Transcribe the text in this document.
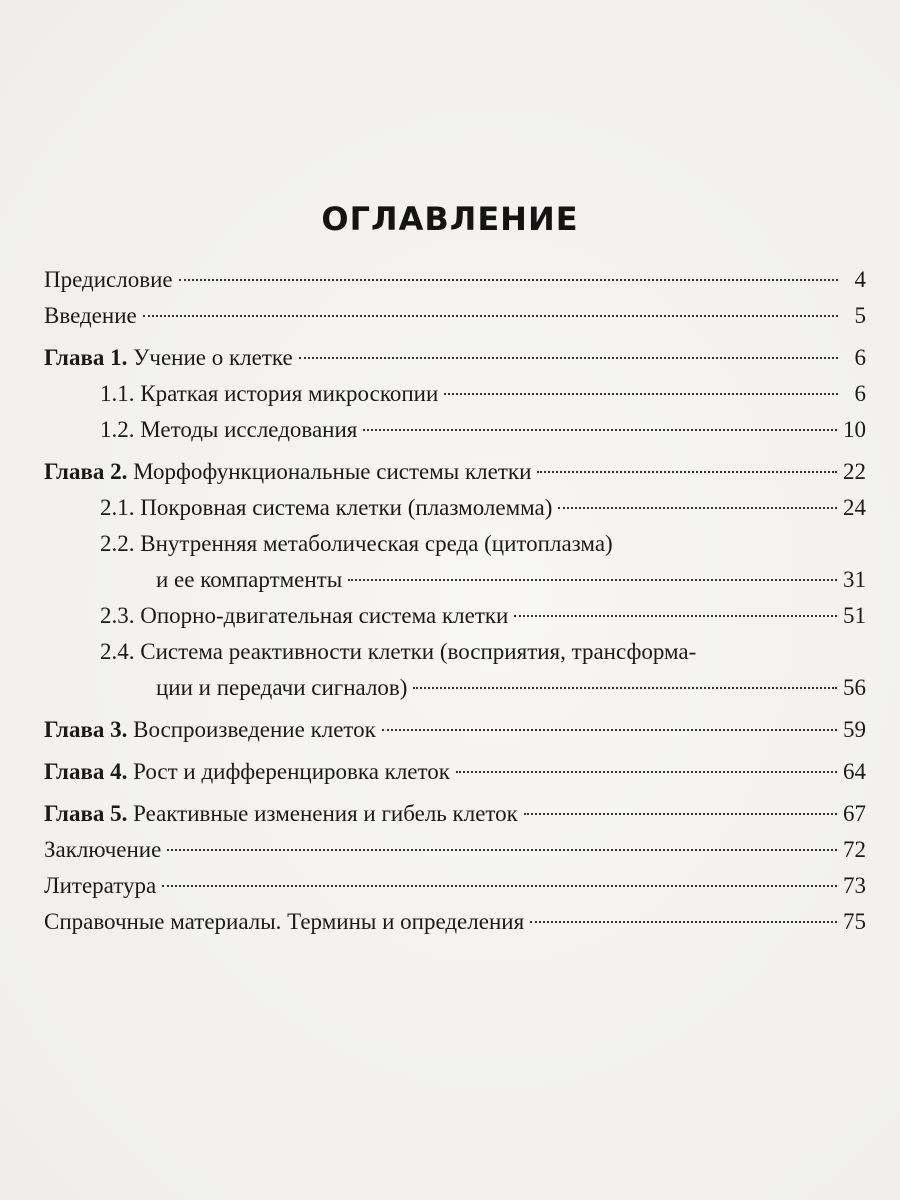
ОГЛАВЛЕНИЕ
Предисловие	4
Введение	5
Глава 1. Учение о клетке	6
1.1. Краткая история микроскопии	6
1.2. Методы исследования	10
Глава 2. Морфофункциональные системы клетки	22
2.1. Покровная система клетки (плазмолемма)	24
2.2. Внутренняя метаболическая среда (цитоплазма)
и ее компартменты	31
2.3. Опорно-двигательная система клетки	51
2.4. Система реактивности клетки (восприятия, трансформа-
ции и передачи сигналов)	56
Глава 3. Воспроизведение клеток	59
Глава 4. Рост и дифференцировка клеток	64
Глава 5. Реактивные изменения и гибель клеток	67
Заключение	72
Литература	73
Справочные материалы. Термины и определения	75
